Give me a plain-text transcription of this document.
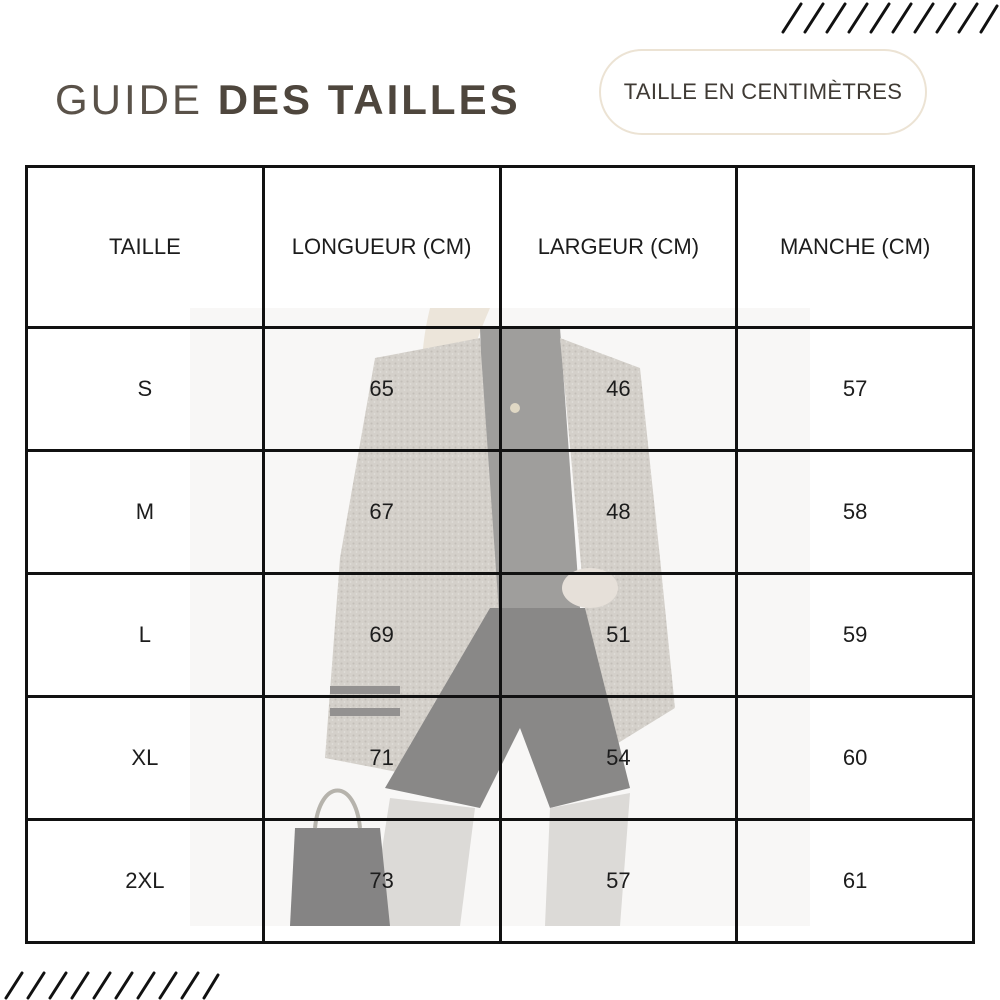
GUIDE DES TAILLES	TAILLE EN CENTIMÈTRES
TAILLE	LONGUEUR (CM)	LARGEUR (CM)	MANCHE (CM)
S	65	46	57
M	67	48	58
L	69	51	59
XL	71	54	60
2XL	73	57	61
